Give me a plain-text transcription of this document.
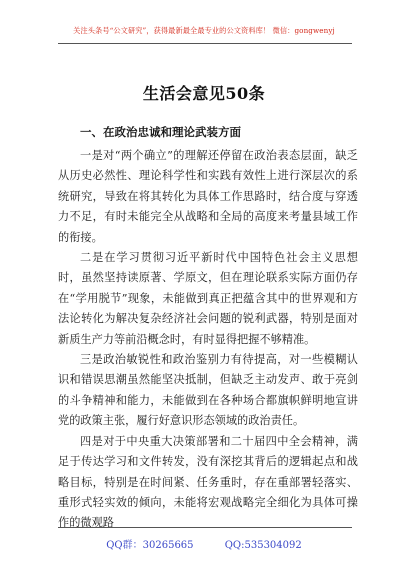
关注头条号“公文研究”，获得最新最全最专业的公文资料库！ 微信：gongwenyj
生活会意见50条
一、在政治忠诚和理论武装方面

一是对“两个确立”的理解还停留在政治表态层面，缺乏从历史必然性、理论科学性和实践有效性上进行深层次的系统研究，导致在将其转化为具体工作思路时，结合度与穿透力不足，有时未能完全从战略和全局的高度来考量县域工作的衔接。

二是在学习贯彻习近平新时代中国特色社会主义思想时，虽然坚持读原著、学原文，但在理论联系实际方面仍存在“学用脱节”现象，未能做到真正把蕴含其中的世界观和方法论转化为解决复杂经济社会问题的锐利武器，特别是面对新质生产力等前沿概念时，有时显得把握不够精准。

三是政治敏锐性和政治鉴别力有待提高，对一些模糊认识和错误思潮虽然能坚决抵制，但缺乏主动发声、敢于亮剑的斗争精神和能力，未能做到在各种场合都旗帜鲜明地宣讲党的政策主张，履行好意识形态领域的政治责任。

四是对于中央重大决策部署和二十届四中全会精神，满足于传达学习和文件转发，没有深挖其背后的逻辑起点和战略目标，特别是在时间紧、任务重时，存在重部署轻落实、重形式轻实效的倾向，未能将宏观战略完全细化为具体可操作的微观路

QQ群：30265665	QQ:535304092
